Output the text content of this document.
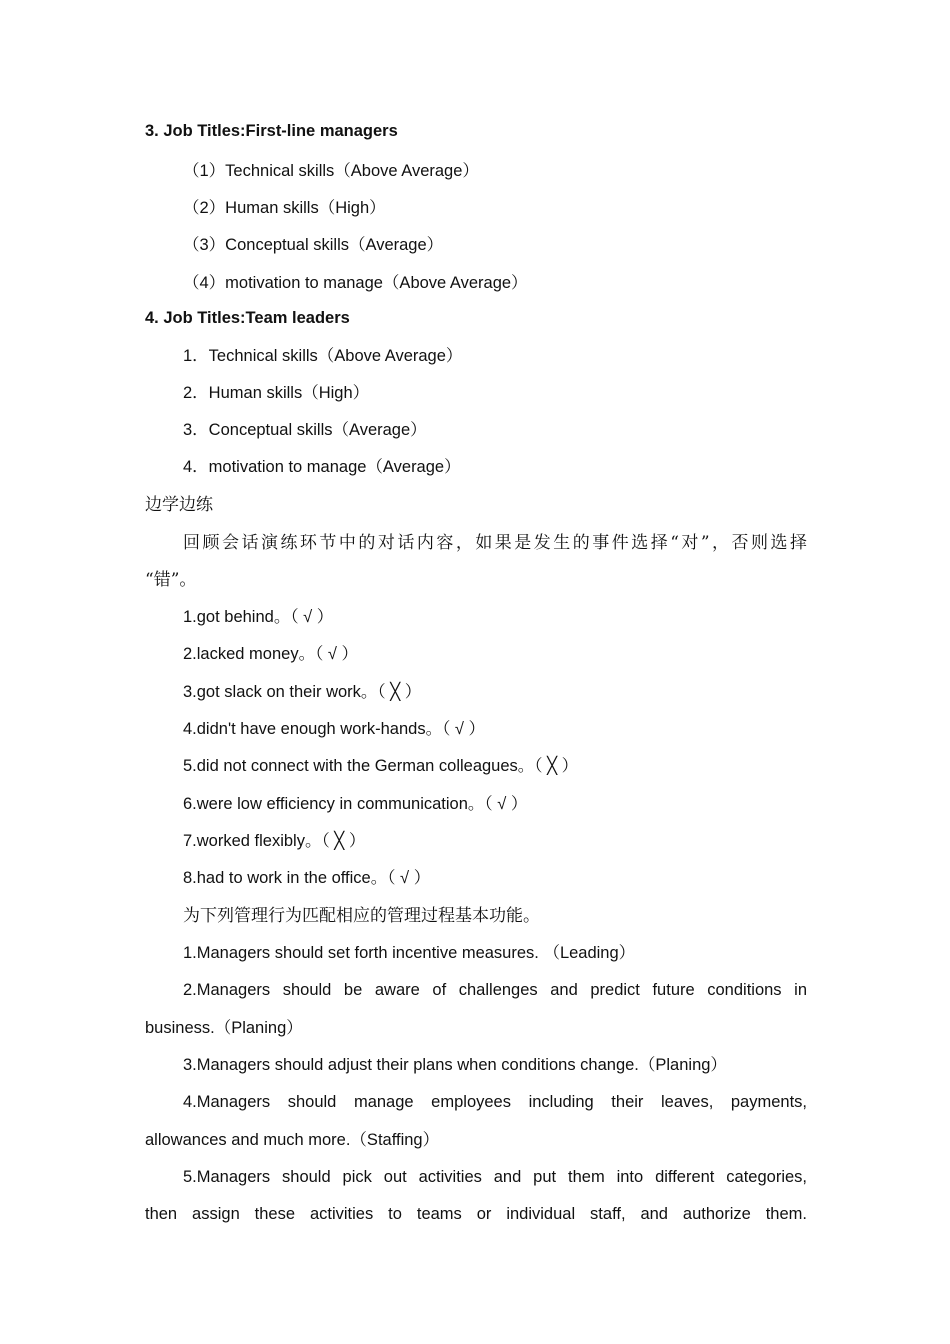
3. Job Titles:First-line managers
（1）Technical skills（Above Average）
（2）Human skills（High）
（3）Conceptual skills（Average）
（4）motivation to manage（Above Average）
4. Job Titles:Team leaders
1．Technical skills（Above Average）
2．Human skills（High）
3．Conceptual skills（Average）
4．motivation to manage（Average）
边学边练
回顾会话演练环节中的对话内容，如果是发生的事件选择“对”，否则选择
“错”。
1.got behind。（ √ ）
2.lacked money。（ √ ）
3.got slack on their work。（ ╳ ）
4.didn't have enough work-hands。（ √ ）
5.did not connect with the German colleagues。（ ╳ ）
6.were low efficiency in communication。（ √ ）
7.worked flexibly。（ ╳ ）
8.had to work in the office。（ √ ）
为下列管理行为匹配相应的管理过程基本功能。
1.Managers should set forth incentive measures. （Leading）
2.Managers should be aware of challenges and predict future conditions in
business.（Planing）
3.Managers should adjust their plans when conditions change.（Planing）
4.Managers should manage employees including their leaves, payments,
allowances and much more.（Staffing）
5.Managers should pick out activities and put them into different categories,
then assign these activities to teams or individual staff, and authorize them.
